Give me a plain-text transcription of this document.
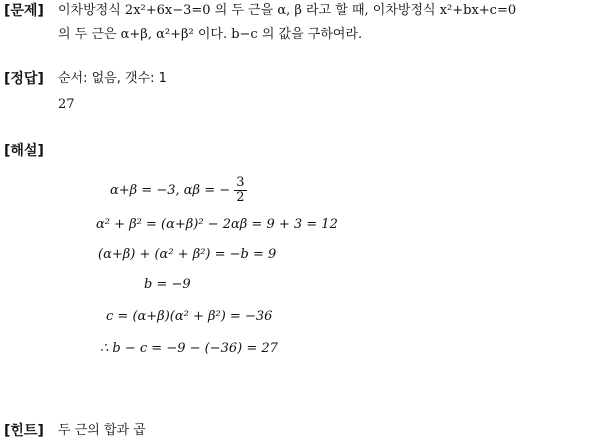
[문제] 이차방정식 2x²+6x−3=0 의 두 근을 α, β 라고 할 때, 이차방정식 x²+bx+c=0
의 두 근은 α+β, α²+β² 이다. b−c 의 값을 구하여라.
[정답] 순서: 없음, 갯수: 1
27
[해설]
α+β = −3, αβ = − $\frac{3}{2}$
α² + β² = (α+β)² − 2αβ = 9 + 3 = 12
(α+β) + (α² + β²) = −b = 9
b = −9
c = (α+β)(α² + β²) = −36
∴ b − c = −9 − (−36) = 27
[힌트] 두 근의 합과 곱
